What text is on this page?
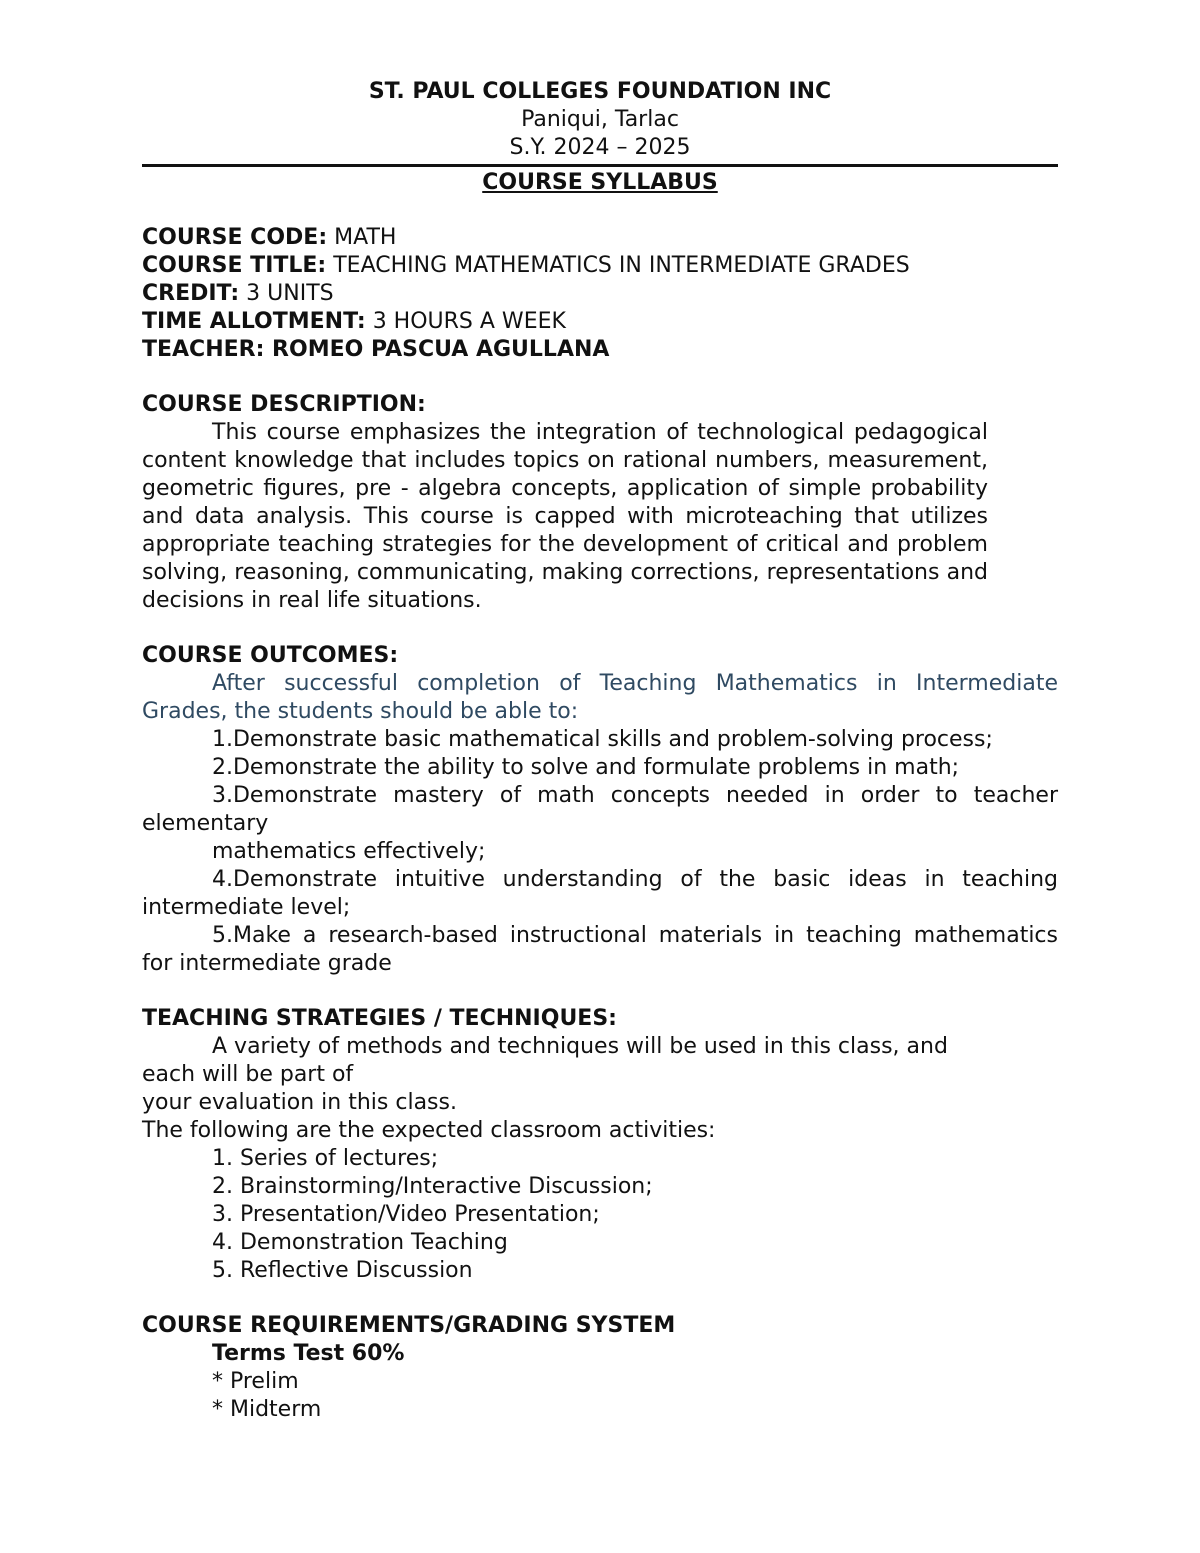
ST. PAUL COLLEGES FOUNDATION INC

Paniqui, Tarlac

S.Y. 2024 – 2025

COURSE SYLLABUS

COURSE CODE: MATH

COURSE TITLE: TEACHING MATHEMATICS IN INTERMEDIATE GRADES

CREDIT: 3 UNITS

TIME ALLOTMENT: 3 HOURS A WEEK

TEACHER: ROMEO PASCUA AGULLANA

COURSE DESCRIPTION:

This course emphasizes the integration of technological pedagogical content knowledge that includes topics on rational numbers, measurement, geometric figures, pre - algebra concepts, application of simple probability and data analysis. This course is capped with microteaching that utilizes appropriate teaching strategies for the development of critical and problem solving, reasoning, communicating, making corrections, representations and decisions in real life situations.

COURSE OUTCOMES:

After successful completion of Teaching Mathematics in Intermediate Grades, the students should be able to:

1.Demonstrate basic mathematical skills and problem-solving process;

2.Demonstrate the ability to solve and formulate problems in math;

3.Demonstrate mastery of math concepts needed in order to teacher elementary

mathematics effectively;

4.Demonstrate intuitive understanding of the basic ideas in teaching intermediate level;

5.Make a research-based instructional materials in teaching mathematics for intermediate grade

TEACHING STRATEGIES / TECHNIQUES:

A variety of methods and techniques will be used in this class, and

each will be part of

your evaluation in this class.

The following are the expected classroom activities:

1. Series of lectures;

2. Brainstorming/Interactive Discussion;

3. Presentation/Video Presentation;

4. Demonstration Teaching

5. Reflective Discussion

COURSE REQUIREMENTS/GRADING SYSTEM

Terms Test 60%

* Prelim

* Midterm
